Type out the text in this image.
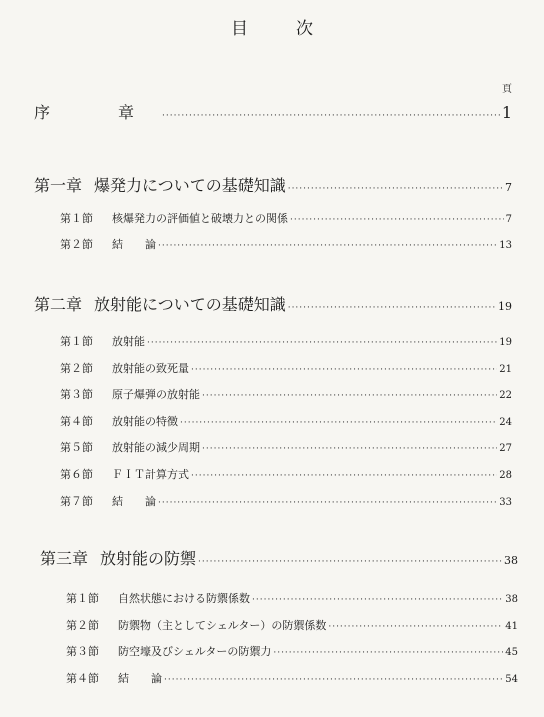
目	次
頁
序　章 ·····	1
第一章 爆発力についての基礎知識 ·····	7
第１節 核爆発力の評価値と破壊力との関係 ·····	7
第２節 結　　論 ·····	13
第二章 放射能についての基礎知識 ·····	19
第１節 放射能 ·····	19
第２節 放射能の致死量 ·····	21
第３節 原子爆弾の放射能 ·····	22
第４節 放射能の特徴 ·····	24
第５節 放射能の減少周期 ·····	27
第６節 ＦＩＴ計算方式 ·····	28
第７節 結　　論 ·····	33
第三章 放射能の防禦 ·····	38
第１節 自然状態における防禦係数 ·····	38
第２節 防禦物（主としてシェルター）の防禦係数 ·····	41
第３節 防空壕及びシェルターの防禦力 ·····	45
第４節 結　　論 ·····	54
